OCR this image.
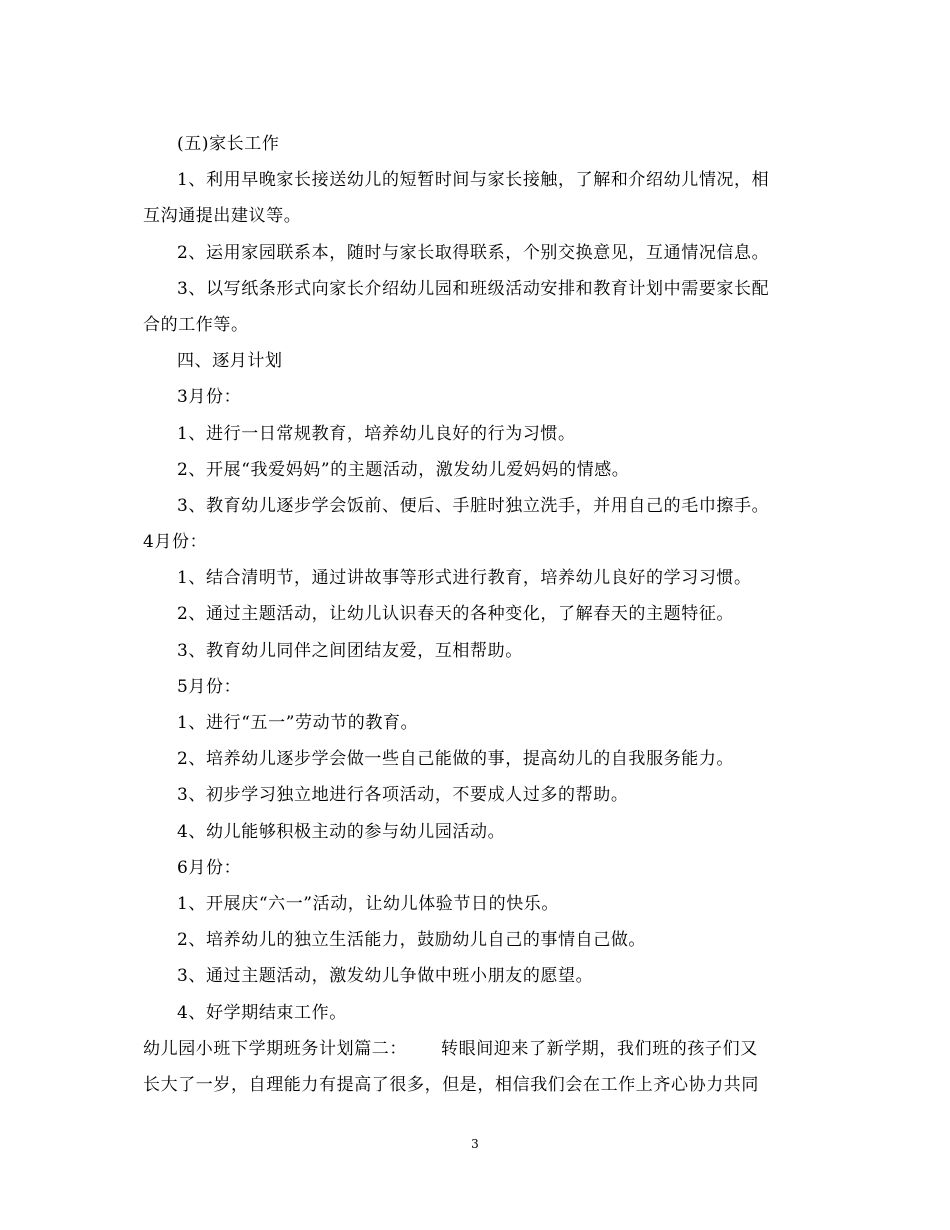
(五)家长工作
1、利用早晚家长接送幼儿的短暂时间与家长接触，了解和介绍幼儿情况，相
互沟通提出建议等。
2、运用家园联系本，随时与家长取得联系，个别交换意见，互通情况信息。
3、以写纸条形式向家长介绍幼儿园和班级活动安排和教育计划中需要家长配
合的工作等。
四、逐月计划
3月份：
1、进行一日常规教育，培养幼儿良好的行为习惯。
2、开展“我爱妈妈”的主题活动，激发幼儿爱妈妈的情感。
3、教育幼儿逐步学会饭前、便后、手脏时独立洗手，并用自己的毛巾擦手。
4月份：
1、结合清明节，通过讲故事等形式进行教育，培养幼儿良好的学习习惯。
2、通过主题活动，让幼儿认识春天的各种变化，了解春天的主题特征。
3、教育幼儿同伴之间团结友爱，互相帮助。
5月份：
1、进行“五一”劳动节的教育。
2、培养幼儿逐步学会做一些自己能做的事，提高幼儿的自我服务能力。
3、初步学习独立地进行各项活动，不要成人过多的帮助。
4、幼儿能够积极主动的参与幼儿园活动。
6月份：
1、开展庆“六一”活动，让幼儿体验节日的快乐。
2、培养幼儿的独立生活能力，鼓励幼儿自己的事情自己做。
3、通过主题活动，激发幼儿争做中班小朋友的愿望。
4、好学期结束工作。
幼儿园小班下学期班务计划篇二： 转眼间迎来了新学期，我们班的孩子们又
长大了一岁，自理能力有提高了很多，但是，相信我们会在工作上齐心协力共同
3
